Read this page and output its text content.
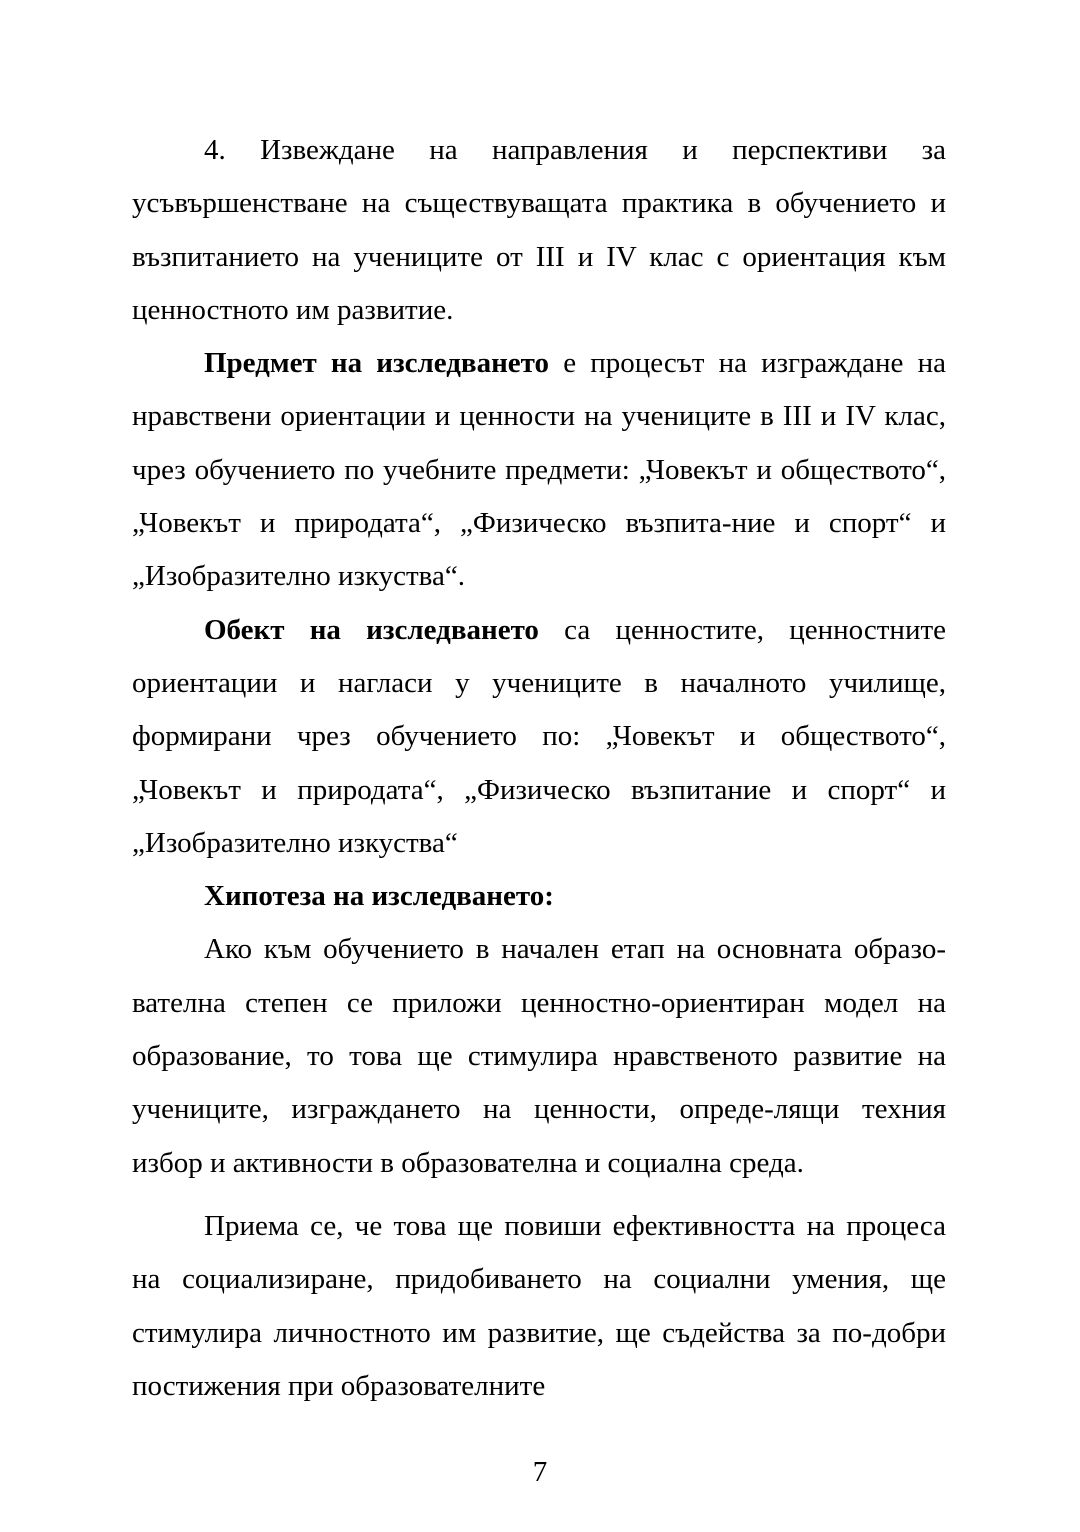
4. Извеждане на направления и перспективи за усъвършенстване на съществуващата практика в обучението и възпитанието на учениците от III и IV клас с ориентация към ценностното им развитие.

Предмет на изследването е процесът на изграждане на нравствени ориентации и ценности на учениците в III и IV клас, чрез обучението по учебните предмети: „Човекът и обществото“, „Човекът и природата“, „Физическо възпита-ние и спорт“ и „Изобразително изкуства“.

Обект на изследването са ценностите, ценностните ориентации и нагласи у учениците в началното училище, формирани чрез обучението по: „Човекът и обществото“, „Човекът и природата“, „Физическо възпитание и спорт“ и „Изобразително изкуства“

Хипотеза на изследването:

Ако към обучението в начален етап на основната образо-вателна степен се приложи ценностно-ориентиран модел на образование, то това ще стимулира нравственото развитие на учениците, изграждането на ценности, опреде-лящи техния избор и активности в образователна и социална среда.

Приема се, че това ще повиши ефективността на процеса на социализиране, придобиването на социални умения, ще стимулира личностното им развитие, ще съдейства за по-добри постижения при образователните

7
